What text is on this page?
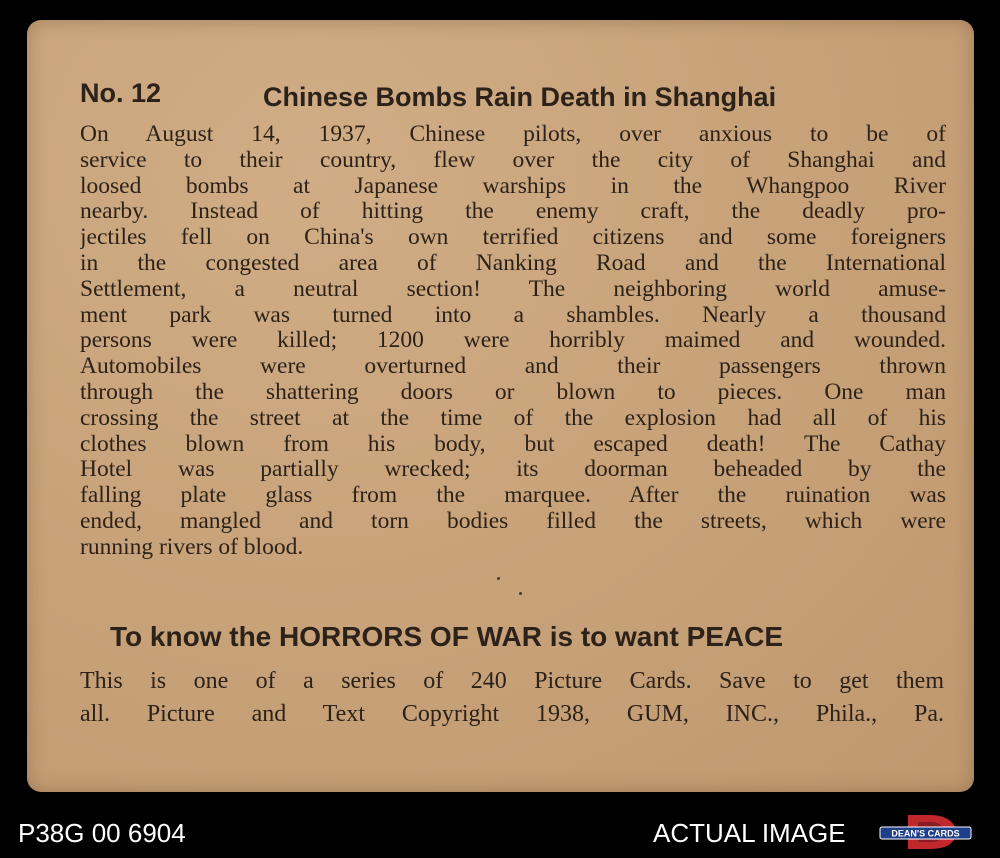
No. 12	Chinese Bombs Rain Death in Shanghai
On August 14, 1937, Chinese pilots, over anxious to be of
service to their country, flew over the city of Shanghai and
loosed bombs at Japanese warships in the Whangpoo River
nearby. Instead of hitting the enemy craft, the deadly pro-
jectiles fell on China's own terrified citizens and some foreigners
in the congested area of Nanking Road and the International
Settlement, a neutral section! The neighboring world amuse-
ment park was turned into a shambles. Nearly a thousand
persons were killed; 1200 were horribly maimed and wounded.
Automobiles were overturned and their passengers thrown
through the shattering doors or blown to pieces. One man
crossing the street at the time of the explosion had all of his
clothes blown from his body, but escaped death! The Cathay
Hotel was partially wrecked; its doorman beheaded by the
falling plate glass from the marquee. After the ruination was
ended, mangled and torn bodies filled the streets, which were
running rivers of blood.
To know the HORRORS OF WAR is to want PEACE
This is one of a series of 240 Picture Cards. Save to get them
all. Picture and Text Copyright 1938, GUM, INC., Phila., Pa.
P38G 00 6904	ACTUAL IMAGE	DEAN'S CARDS
